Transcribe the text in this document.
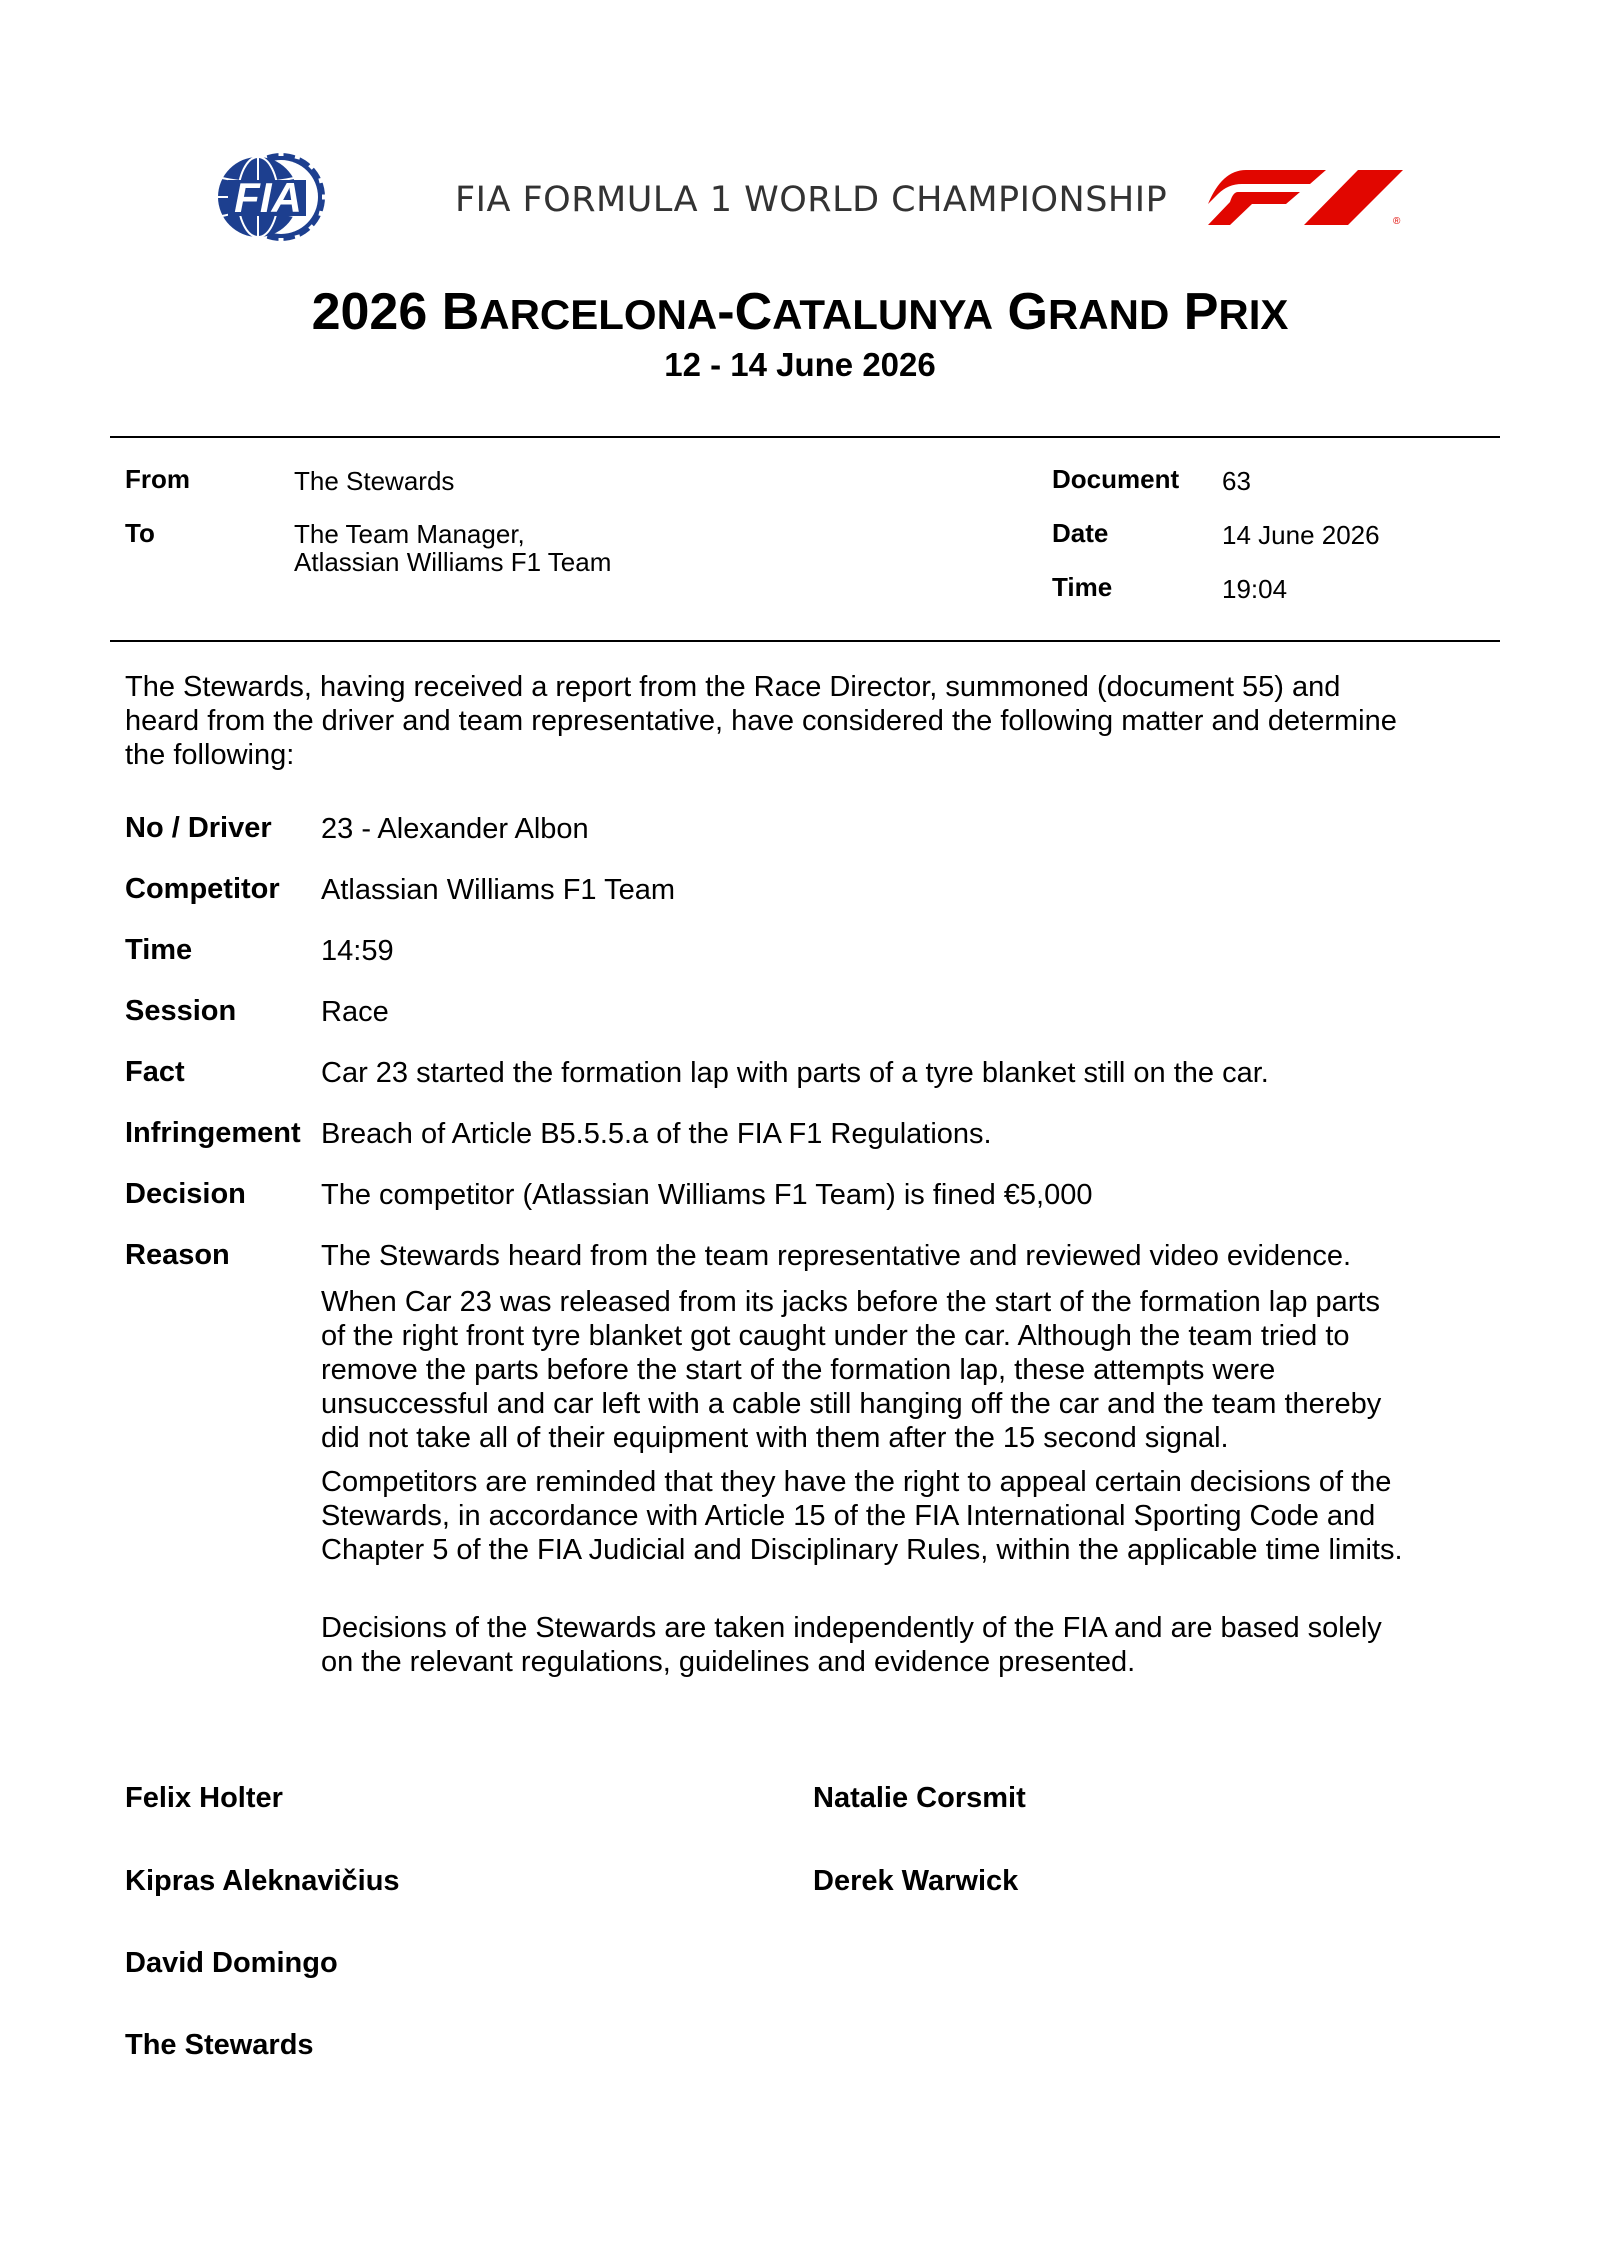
FIA	FIA FORMULA 1 WORLD CHAMPIONSHIP
®
2026 BARCELONA-CATALUNYA GRAND PRIX
12 - 14 June 2026
From	The Stewards
To	The Team Manager,
Atlassian Williams F1 Team
Document 63
Date	14 June 2026
Time	19:04
The Stewards, having received a report from the Race Director, summoned (document 55) and
heard from the driver and team representative, have considered the following matter and determine
the following:
No / Driver 23 - Alexander Albon
Competitor Atlassian Williams F1 Team
Time	14:59
Session	Race
Fact	Car 23 started the formation lap with parts of a tyre blanket still on the car.
Infringement Breach of Article B5.5.5.a of the FIA F1 Regulations.
Decision	The competitor (Atlassian Williams F1 Team) is fined €5,000
Reason	The Stewards heard from the team representative and reviewed video evidence.
When Car 23 was released from its jacks before the start of the formation lap parts
of the right front tyre blanket got caught under the car. Although the team tried to
remove the parts before the start of the formation lap, these attempts were
unsuccessful and car left with a cable still hanging off the car and the team thereby
did not take all of their equipment with them after the 15 second signal.
Competitors are reminded that they have the right to appeal certain decisions of the
Stewards, in accordance with Article 15 of the FIA International Sporting Code and
Chapter 5 of the FIA Judicial and Disciplinary Rules, within the applicable time limits.
Decisions of the Stewards are taken independently of the FIA and are based solely
on the relevant regulations, guidelines and evidence presented.
Felix Holter
Kipras Aleknavičius
David Domingo
The Stewards
Natalie Corsmit
Derek Warwick
